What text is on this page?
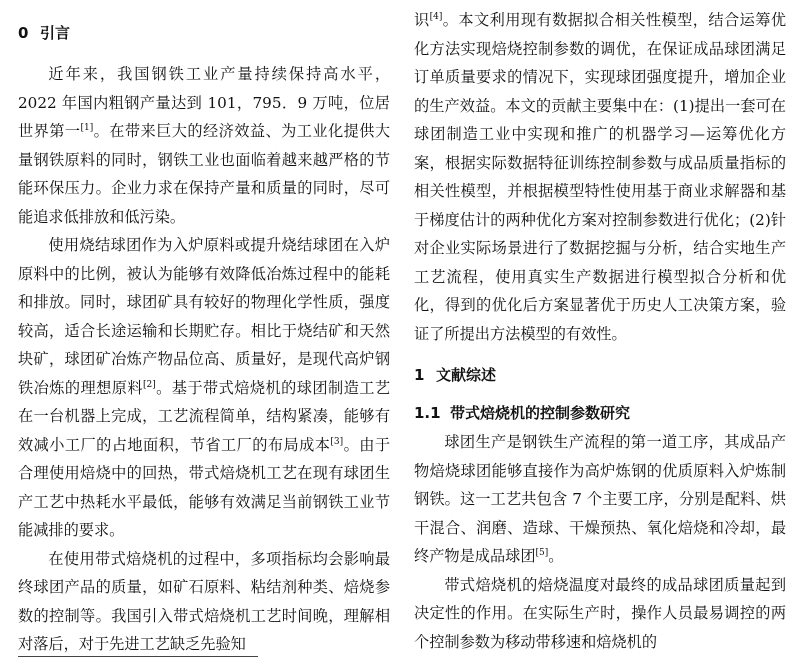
0 引言

近年来，我国钢铁工业产量持续保持高水平，2022 年国内粗钢产量达到 101，795．9 万吨，位居世界第一[1]。在带来巨大的经济效益、为工业化提供大量钢铁原料的同时，钢铁工业也面临着越来越严格的节能环保压力。企业力求在保持产量和质量的同时，尽可能追求低排放和低污染。

使用烧结球团作为入炉原料或提升烧结球团在入炉原料中的比例，被认为能够有效降低冶炼过程中的能耗和排放。同时，球团矿具有较好的物理化学性质，强度较高，适合长途运输和长期贮存。相比于烧结矿和天然块矿，球团矿冶炼产物品位高、质量好，是现代高炉钢铁冶炼的理想原料[2]。基于带式焙烧机的球团制造工艺在一台机器上完成，工艺流程简单，结构紧凑，能够有效减小工厂的占地面积，节省工厂的布局成本[3]。由于合理使用焙烧中的回热，带式焙烧机工艺在现有球团生产工艺中热耗水平最低，能够有效满足当前钢铁工业节能减排的要求。

在使用带式焙烧机的过程中，多项指标均会影响最终球团产品的质量，如矿石原料、粘结剂种类、焙烧参数的控制等。我国引入带式焙烧机工艺时间晚，理解相对落后，对于先进工艺缺乏先验知

识[4]。本文利用现有数据拟合相关性模型，结合运筹优化方法实现焙烧控制参数的调优，在保证成品球团满足订单质量要求的情况下，实现球团强度提升，增加企业的生产效益。本文的贡献主要集中在：(1)提出一套可在球团制造工业中实现和推广的机器学习—运筹优化方案，根据实际数据特征训练控制参数与成品质量指标的相关性模型，并根据模型特性使用基于商业求解器和基于梯度估计的两种优化方案对控制参数进行优化；(2)针对企业实际场景进行了数据挖掘与分析，结合实地生产工艺流程，使用真实生产数据进行模型拟合分析和优化，得到的优化后方案显著优于历史人工决策方案，验证了所提出方法模型的有效性。

1 文献综述
1.1 带式焙烧机的控制参数研究

球团生产是钢铁生产流程的第一道工序，其成品产物焙烧球团能够直接作为高炉炼钢的优质原料入炉炼制钢铁。这一工艺共包含 7 个主要工序，分别是配料、烘干混合、润磨、造球、干燥预热、氧化焙烧和冷却，最终产物是成品球团[5]。

带式焙烧机的焙烧温度对最终的成品球团质量起到决定性的作用。在实际生产时，操作人员最易调控的两个控制参数为移动带移速和焙烧机的
